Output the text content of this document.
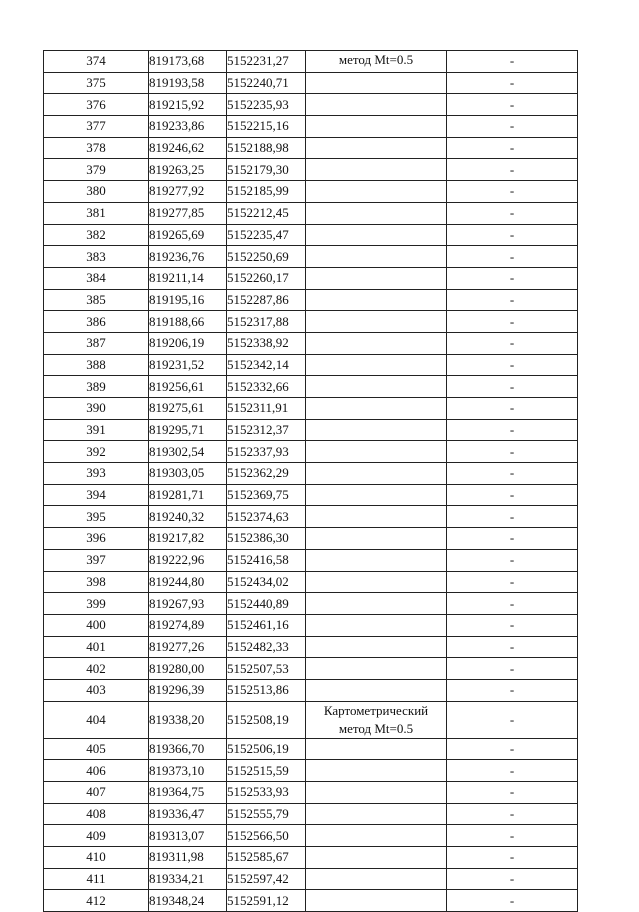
374	819173,68	5152231,27	метод Mt=0.5	-
375	819193,58	5152240,71		-
376	819215,92	5152235,93		-
377	819233,86	5152215,16		-
378	819246,62	5152188,98		-
379	819263,25	5152179,30		-
380	819277,92	5152185,99		-
381	819277,85	5152212,45		-
382	819265,69	5152235,47		-
383	819236,76	5152250,69		-
384	819211,14	5152260,17		-
385	819195,16	5152287,86		-
386	819188,66	5152317,88		-
387	819206,19	5152338,92		-
388	819231,52	5152342,14		-
389	819256,61	5152332,66		-
390	819275,61	5152311,91		-
391	819295,71	5152312,37		-
392	819302,54	5152337,93		-
393	819303,05	5152362,29		-
394	819281,71	5152369,75		-
395	819240,32	5152374,63		-
396	819217,82	5152386,30		-
397	819222,96	5152416,58		-
398	819244,80	5152434,02		-
399	819267,93	5152440,89		-
400	819274,89	5152461,16		-
401	819277,26	5152482,33		-
402	819280,00	5152507,53		-
403	819296,39	5152513,86		-
404	819338,20	5152508,19	Картометрический
метод Mt=0.5	-
405	819366,70	5152506,19		-
406	819373,10	5152515,59		-
407	819364,75	5152533,93		-
408	819336,47	5152555,79		-
409	819313,07	5152566,50		-
410	819311,98	5152585,67		-
411	819334,21	5152597,42		-
412	819348,24	5152591,12		-
